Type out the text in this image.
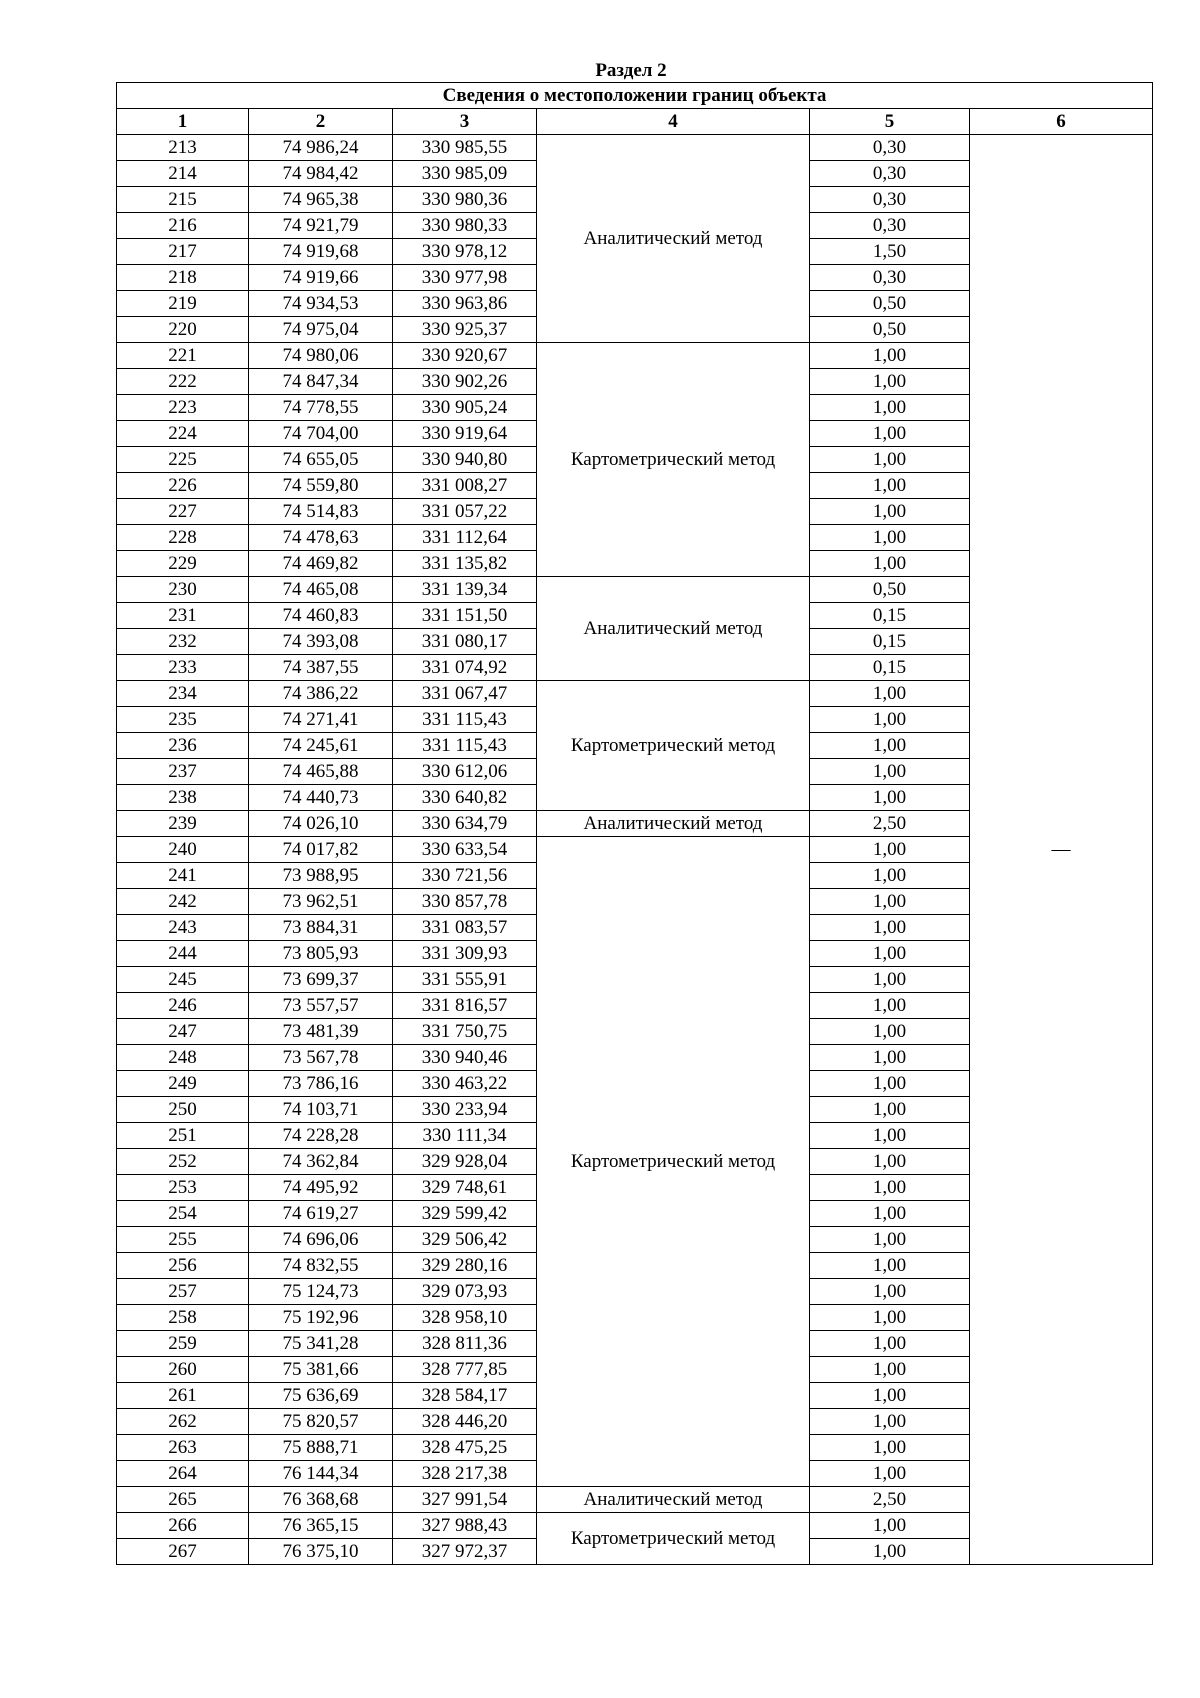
Раздел 2
Сведения о местоположении границ объекта					
1	2	3	4	5	6
213	74 986,24	330 985,55	Аналитический метод	0,30	—
214	74 984,42	330 985,09		0,30	
215	74 965,38	330 980,36		0,30	
216	74 921,79	330 980,33		0,30	
217	74 919,68	330 978,12		1,50	
218	74 919,66	330 977,98		0,30	
219	74 934,53	330 963,86		0,50	
220	74 975,04	330 925,37		0,50	
221	74 980,06	330 920,67	Картометрический метод	1,00	
222	74 847,34	330 902,26		1,00	
223	74 778,55	330 905,24		1,00	
224	74 704,00	330 919,64		1,00	
225	74 655,05	330 940,80		1,00	
226	74 559,80	331 008,27		1,00	
227	74 514,83	331 057,22		1,00	
228	74 478,63	331 112,64		1,00	
229	74 469,82	331 135,82		1,00	
230	74 465,08	331 139,34	Аналитический метод	0,50	
231	74 460,83	331 151,50		0,15	
232	74 393,08	331 080,17		0,15	
233	74 387,55	331 074,92		0,15	
234	74 386,22	331 067,47	Картометрический метод	1,00	
235	74 271,41	331 115,43		1,00	
236	74 245,61	331 115,43		1,00	
237	74 465,88	330 612,06		1,00	
238	74 440,73	330 640,82		1,00	
239	74 026,10	330 634,79	Аналитический метод	2,50	
240	74 017,82	330 633,54	Картометрический метод	1,00	
241	73 988,95	330 721,56		1,00	
242	73 962,51	330 857,78		1,00	
243	73 884,31	331 083,57		1,00	
244	73 805,93	331 309,93		1,00	
245	73 699,37	331 555,91		1,00	
246	73 557,57	331 816,57		1,00	
247	73 481,39	331 750,75		1,00	
248	73 567,78	330 940,46		1,00	
249	73 786,16	330 463,22		1,00	
250	74 103,71	330 233,94		1,00	
251	74 228,28	330 111,34		1,00	
252	74 362,84	329 928,04		1,00	
253	74 495,92	329 748,61		1,00	
254	74 619,27	329 599,42		1,00	
255	74 696,06	329 506,42		1,00	
256	74 832,55	329 280,16		1,00	
257	75 124,73	329 073,93		1,00	
258	75 192,96	328 958,10		1,00	
259	75 341,28	328 811,36		1,00	
260	75 381,66	328 777,85		1,00	
261	75 636,69	328 584,17		1,00	
262	75 820,57	328 446,20		1,00	
263	75 888,71	328 475,25		1,00	
264	76 144,34	328 217,38		1,00	
265	76 368,68	327 991,54	Аналитический метод	2,50	
266	76 365,15	327 988,43	Картометрический метод	1,00	
267	76 375,10	327 972,37		1,00	
